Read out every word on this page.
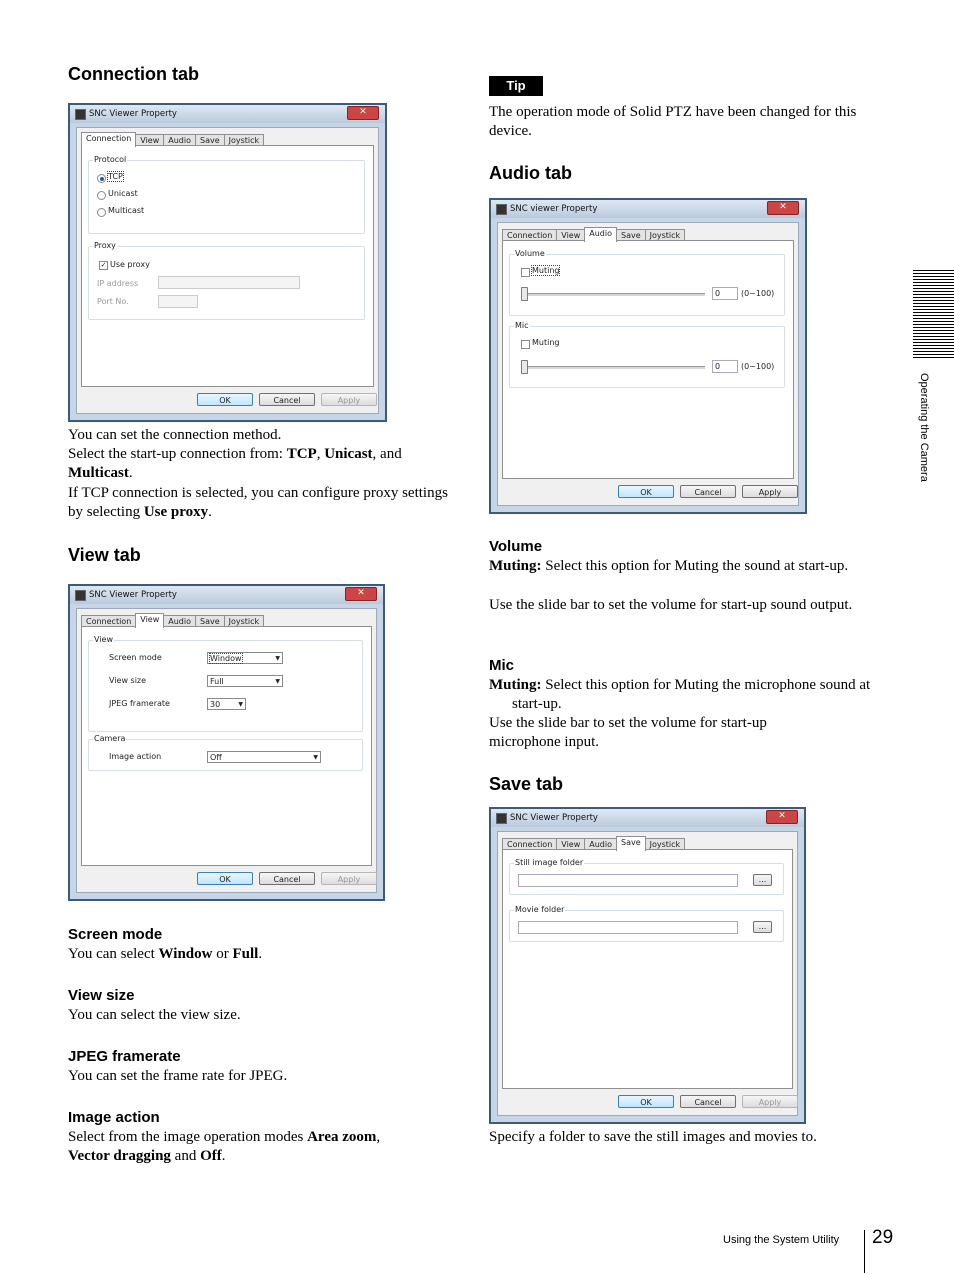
Connection tab
SNC Viewer Property	✕
Connection	View	Audio	Save	Joystick
Protocol
TCP
Unicast
Multicast
Proxy
✓ Use proxy
IP address
Port No.
OK	Cancel	Apply

You can set the connection method.

Select the start-up connection from: TCP, Unicast, and Multicast.

If TCP connection is selected, you can configure proxy settings by selecting Use proxy.

View tab
SNC Viewer Property	✕
Connection	View	Audio	Save	Joystick
View
Screen mode	Window	▼
View size	Full	▼
JPEG framerate	30	▼
Camera
Image action	Off	▼
OK	Cancel	Apply
Screen mode

You can select Window or Full.

View size

You can select the view size.

JPEG framerate

You can set the frame rate for JPEG.

Image action

Select from the image operation modes Area zoom,
Vector dragging and Off.

Tip

The operation mode of Solid PTZ have been changed for this device.

Audio tab
SNC viewer Property	✕
Connection	View	Audio	Save	Joystick
Volume
Muting
0	(0~100)
Mic
Muting
0	(0~100)
OK	Cancel	Apply
Volume

Muting: Select this option for Muting the sound at start-up.

Use the slide bar to set the volume for start-up sound output.

Mic

Muting: Select this option for Muting the microphone sound at start-up.

Use the slide bar to set the volume for start-up microphone input.

Save tab
SNC Viewer Property	✕
Connection	View	Audio	Save	Joystick
Still image folder
...
Movie folder
...
OK	Cancel	Apply

Specify a folder to save the still images and movies to.

Operating the Camera
Using the System Utility 29
